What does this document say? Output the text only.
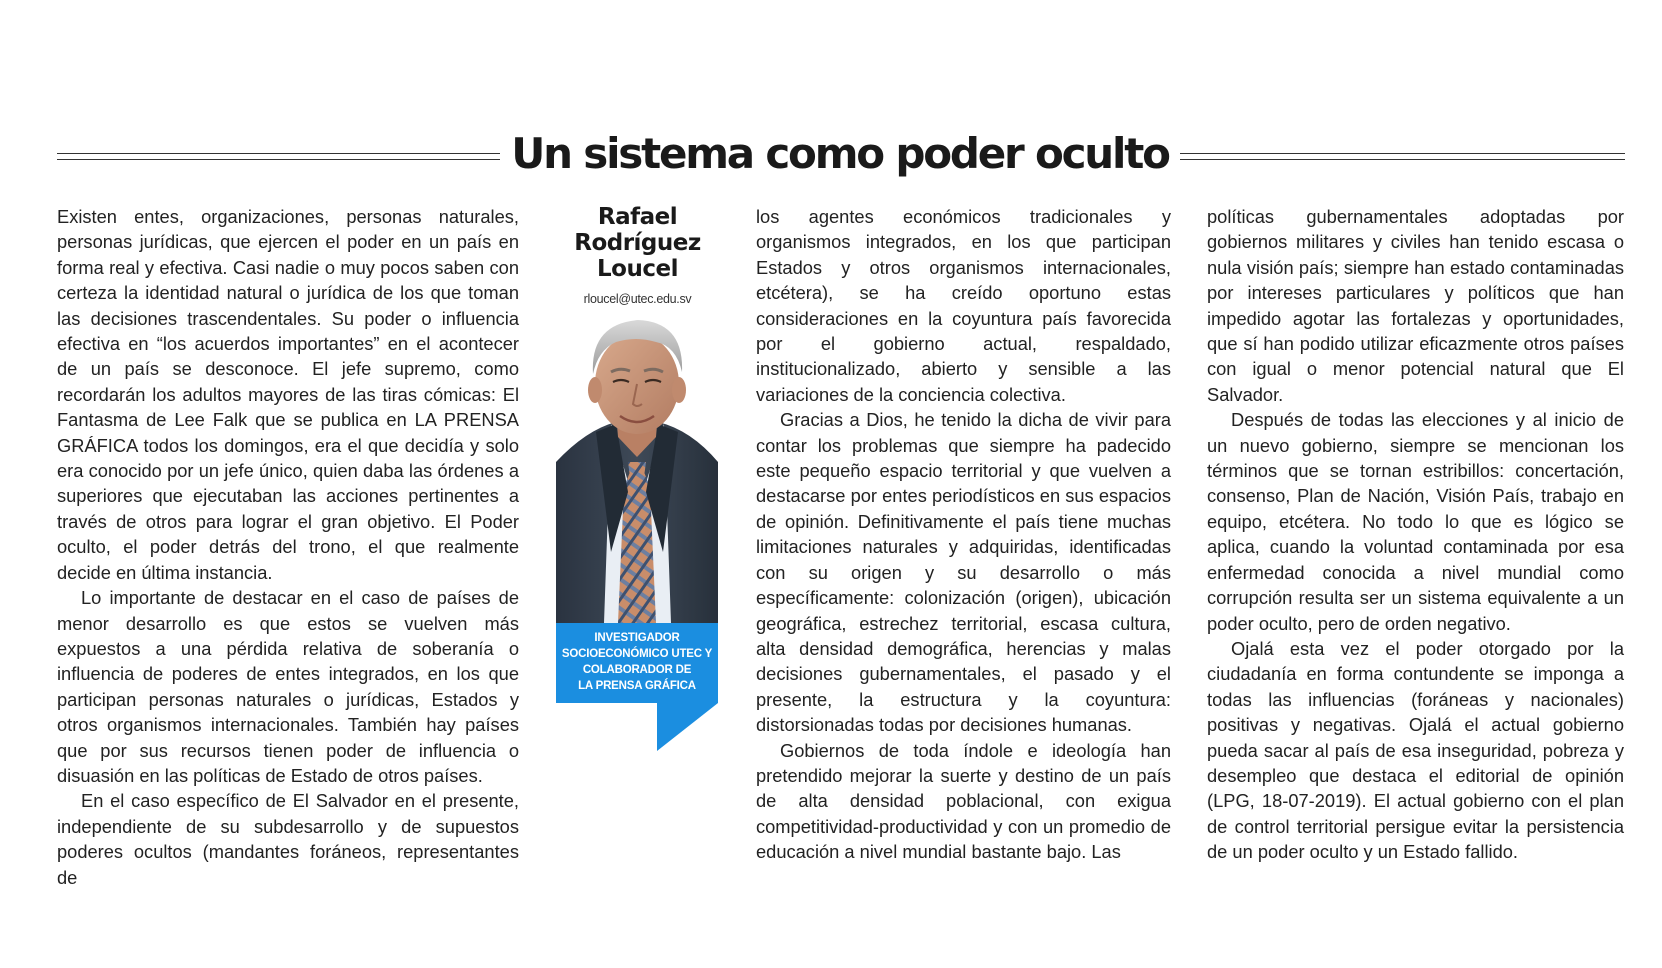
Un sistema como poder oculto

Existen entes, organizaciones, personas naturales, personas jurídicas, que ejercen el poder en un país en forma real y efectiva. Casi nadie o muy pocos saben con certeza la identidad natural o jurídica de los que toman las decisiones trascendentales. Su poder o influencia efectiva en “los acuerdos importantes” en el acontecer de un país se desconoce. El jefe supremo, como recordarán los adultos mayores de las tiras cómicas: El Fantasma de Lee Falk que se publica en LA PRENSA GRÁFICA todos los domingos, era el que decidía y solo era conocido por un jefe único, quien daba las órdenes a superiores que ejecutaban las acciones pertinentes a través de otros para lograr el gran objetivo. El Poder oculto, el poder detrás del trono, el que realmente decide en última instancia.

Lo importante de destacar en el caso de países de menor desarrollo es que estos se vuelven más expuestos a una pérdida relativa de soberanía o influencia de poderes de entes integrados, en los que participan personas naturales o jurídicas, Estados y otros organismos internacionales. También hay países que por sus recursos tienen poder de influencia o disuasión en las políticas de Estado de otros países.

En el caso específico de El Salvador en el presente, independiente de su subdesarrollo y de supuestos poderes ocultos (mandantes foráneos, representantes de

Rafael
Rodríguez
Loucel
rloucel@utec.edu.sv
INVESTIGADOR
SOCIOECONÓMICO UTEC Y
COLABORADOR DE
LA PRENSA GRÁFICA

los agentes económicos tradicionales y organismos integrados, en los que participan Estados y otros organismos internacionales, etcétera), se ha creído oportuno estas consideraciones en la coyuntura país favorecida por el gobierno actual, respaldado, institucionalizado, abierto y sensible a las variaciones de la conciencia colectiva.

Gracias a Dios, he tenido la dicha de vivir para contar los problemas que siempre ha padecido este pequeño espacio territorial y que vuelven a destacarse por entes periodísticos en sus espacios de opinión. Definitivamente el país tiene muchas limitaciones naturales y adquiridas, identificadas con su origen y su desarrollo o más específicamente: colonización (origen), ubicación geográfica, estrechez territorial, escasa cultura, alta densidad demográfica, herencias y malas decisiones gubernamentales, el pasado y el presente, la estructura y la coyuntura: distorsionadas todas por decisiones humanas.

Gobiernos de toda índole e ideología han pretendido mejorar la suerte y destino de un país de alta densidad poblacional, con exigua competitividad-productividad y con un promedio de educación a nivel mundial bastante bajo. Las

políticas gubernamentales adoptadas por gobiernos militares y civiles han tenido escasa o nula visión país; siempre han estado contaminadas por intereses particulares y políticos que han impedido agotar las fortalezas y oportunidades, que sí han podido utilizar eficazmente otros países con igual o menor potencial natural que El Salvador.

Después de todas las elecciones y al inicio de un nuevo gobierno, siempre se mencionan los términos que se tornan estribillos: concertación, consenso, Plan de Nación, Visión País, trabajo en equipo, etcétera. No todo lo que es lógico se aplica, cuando la voluntad contaminada por esa enfermedad conocida a nivel mundial como corrupción resulta ser un sistema equivalente a un poder oculto, pero de orden negativo.

Ojalá esta vez el poder otorgado por la ciudadanía en forma contundente se imponga a todas las influencias (foráneas y nacionales) positivas y negativas. Ojalá el actual gobierno pueda sacar al país de esa inseguridad, pobreza y desempleo que destaca el editorial de opinión (LPG, 18-07-2019). El actual gobierno con el plan de control territorial persigue evitar la persistencia de un poder oculto y un Estado fallido.
